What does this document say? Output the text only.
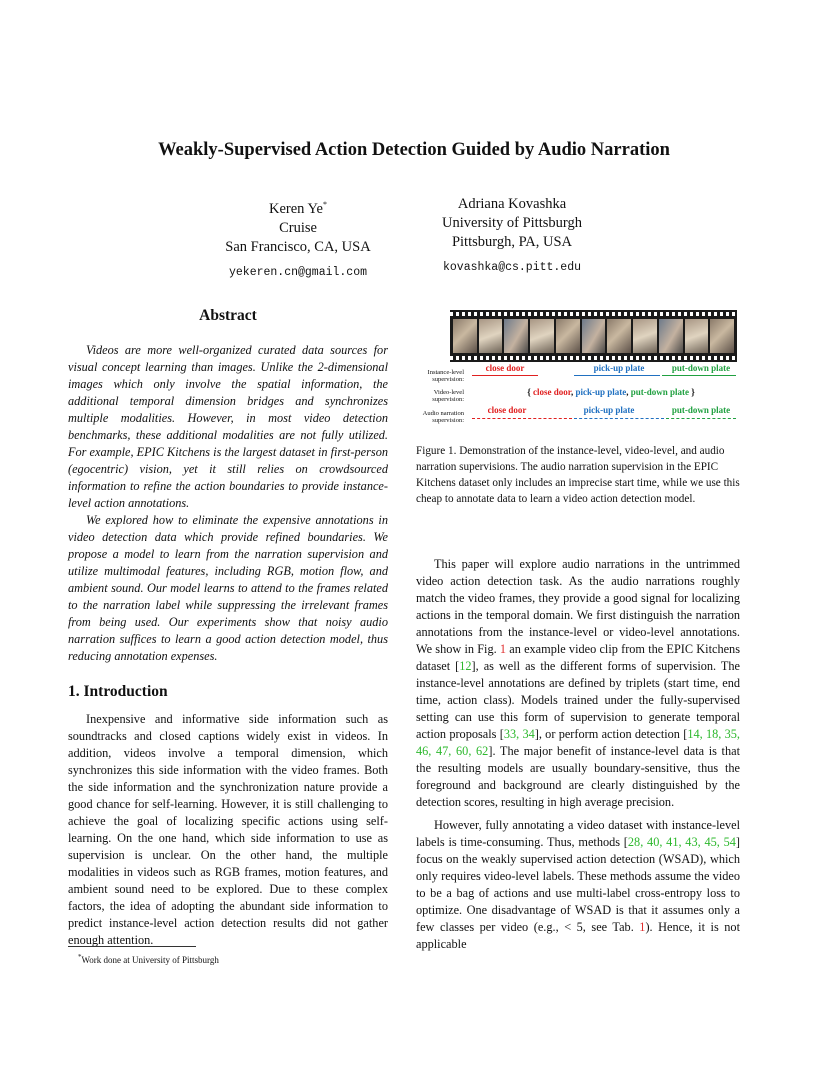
Weakly-Supervised Action Detection Guided by Audio Narration
Keren Ye*
Cruise
San Francisco, CA, USA
yekeren.cn@gmail.com
Adriana Kovashka
University of Pittsburgh
Pittsburgh, PA, USA
kovashka@cs.pitt.edu
Abstract

Videos are more well-organized curated data sources for visual concept learning than images. Unlike the 2-dimensional images which only involve the spatial information, the additional temporal dimension bridges and synchronizes multiple modalities. However, in most video detection benchmarks, these additional modalities are not fully utilized. For example, EPIC Kitchens is the largest dataset in first-person (egocentric) vision, yet it still relies on crowdsourced information to refine the action boundaries to provide instance-level action annotations.

We explored how to eliminate the expensive annotations in video detection data which provide refined boundaries. We propose a model to learn from the narration supervision and utilize multimodal features, including RGB, motion flow, and ambient sound. Our model learns to attend to the frames related to the narration label while suppressing the irrelevant frames from being used. Our experiments show that noisy audio narration suffices to learn a good action detection model, thus reducing annotation expenses.

1. Introduction

Inexpensive and informative side information such as soundtracks and closed captions widely exist in videos. In addition, videos involve a temporal dimension, which synchronizes this side information with the video frames. Both the side information and the synchronization nature provide a good chance for self-learning. However, it is still challenging to achieve the goal of localizing specific actions using self-learning. On the one hand, which side information to use as supervision is unclear. On the other hand, the multiple modalities in videos such as RGB frames, motion features, and ambient sound need to be explored. Due to these complex factors, the idea of adopting the abundant side information to predict instance-level action detection results did not gather enough attention.

*Work done at University of Pittsburgh
Instance-level
supervision:
close door	pick-up plate	put-down plate
Video-level
supervision:
{ close door, pick-up plate, put-down plate }
Audio narration
supervision:
close door	pick-up plate	put-down plate
Figure 1. Demonstration of the instance-level, video-level, and audio narration supervisions. The audio narration supervision in the EPIC Kitchens dataset only includes an imprecise start time, while we use this cheap to annotate data to learn a video action detection model.

This paper will explore audio narrations in the untrimmed video action detection task. As the audio narrations roughly match the video frames, they provide a good signal for localizing actions in the temporal domain. We first distinguish the narration annotations from the instance-level or video-level annotations. We show in Fig. 1 an example video clip from the EPIC Kitchens dataset [12], as well as the different forms of supervision. The instance-level annotations are defined by triplets (start time, end time, action class). Models trained under the fully-supervised setting can use this form of supervision to generate temporal action proposals [33, 34], or perform action detection [14, 18, 35, 46, 47, 60, 62]. The major benefit of instance-level data is that the resulting models are usually boundary-sensitive, thus the foreground and background are clearly distinguished by the detection scores, resulting in high average precision.

However, fully annotating a video dataset with instance-level labels is time-consuming. Thus, methods [28, 40, 41, 43, 45, 54] focus on the weakly supervised action detection (WSAD), which only requires video-level labels. These methods assume the video to be a bag of actions and use multi-label cross-entropy loss to optimize. One disadvantage of WSAD is that it assumes only a few classes per video (e.g., < 5, see Tab. 1). Hence, it is not applicable
